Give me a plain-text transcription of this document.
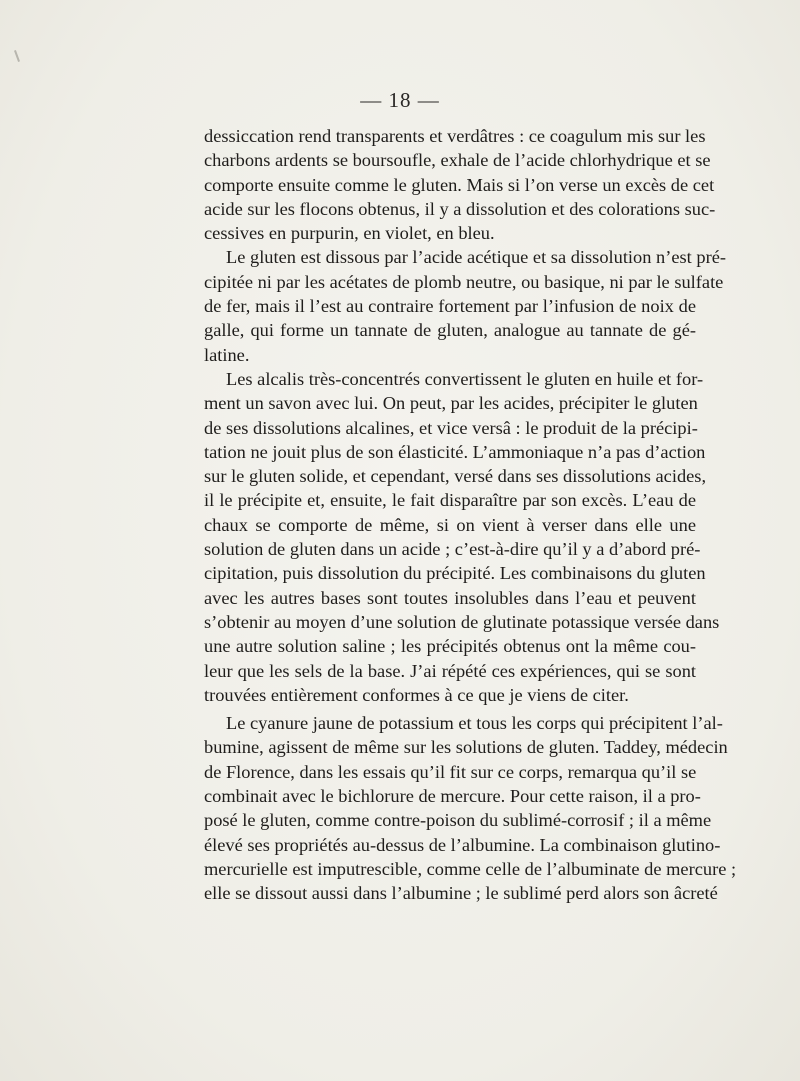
— 18 —
dessiccation rend transparents et verdâtres : ce coagulum mis sur les
charbons ardents se boursoufle, exhale de l’acide chlorhydrique et se
comporte ensuite comme le gluten. Mais si l’on verse un excès de cet
acide sur les flocons obtenus, il y a dissolution et des colorations suc-
cessives en purpurin, en violet, en bleu.
Le gluten est dissous par l’acide acétique et sa dissolution n’est pré-
cipitée ni par les acétates de plomb neutre, ou basique, ni par le sulfate
de fer, mais il l’est au contraire fortement par l’infusion de noix de
galle, qui forme un tannate de gluten, analogue au tannate de gé-
latine.
Les alcalis très-concentrés convertissent le gluten en huile et for-
ment un savon avec lui. On peut, par les acides, précipiter le gluten
de ses dissolutions alcalines, et vice versâ : le produit de la précipi-
tation ne jouit plus de son élasticité. L’ammoniaque n’a pas d’action
sur le gluten solide, et cependant, versé dans ses dissolutions acides,
il le précipite et, ensuite, le fait disparaître par son excès. L’eau de
chaux se comporte de même, si on vient à verser dans elle une
solution de gluten dans un acide ; c’est-à-dire qu’il y a d’abord pré-
cipitation, puis dissolution du précipité. Les combinaisons du gluten
avec les autres bases sont toutes insolubles dans l’eau et peuvent
s’obtenir au moyen d’une solution de glutinate potassique versée dans
une autre solution saline ; les précipités obtenus ont la même cou-
leur que les sels de la base. J’ai répété ces expériences, qui se sont
trouvées entièrement conformes à ce que je viens de citer.
Le cyanure jaune de potassium et tous les corps qui précipitent l’al-
bumine, agissent de même sur les solutions de gluten. Taddey, médecin
de Florence, dans les essais qu’il fit sur ce corps, remarqua qu’il se
combinait avec le bichlorure de mercure. Pour cette raison, il a pro-
posé le gluten, comme contre-poison du sublimé-corrosif ; il a même
élevé ses propriétés au-dessus de l’albumine. La combinaison glutino-
mercurielle est imputrescible, comme celle de l’albuminate de mercure ;
elle se dissout aussi dans l’albumine ; le sublimé perd alors son âcreté
